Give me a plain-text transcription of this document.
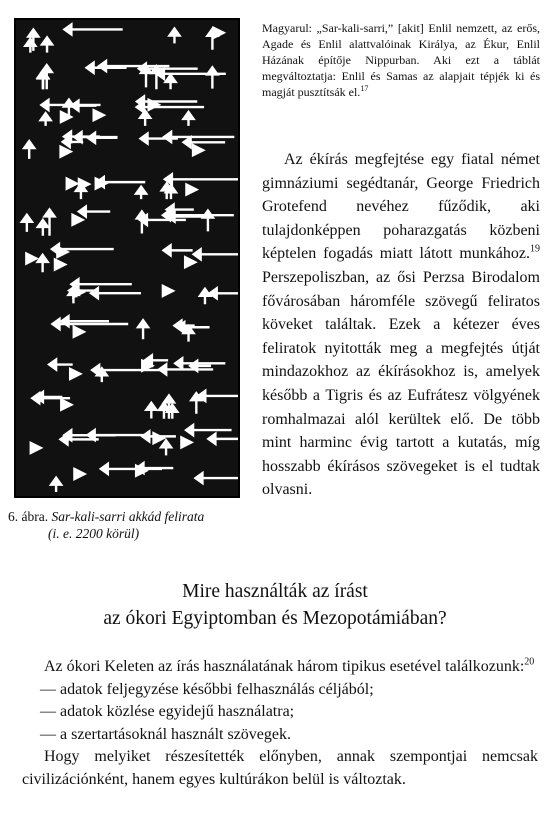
6. ábra. Sar-kali-sarri akkád felirata
(i. e. 2200 körül)
Magyarul: „Sar-kali-sarri,” [akit] Enlil nemzett, az erős, Agade és Enlil alattvalóinak Királya, az Ékur, Enlil Házának építője Nippurban. Aki ezt a táblát megváltoztatja: Enlil és Samas az alapjait tépjék ki és magját pusztítsák el.$^{17}$
Az ékírás megfejtése egy fiatal német gimnáziumi segédtanár, George Friedrich Grotefend nevéhez fűződik, aki tulajdonképpen poharazgatás közbeni képtelen fogadás miatt látott munkához.$^{19}$ Perszepoliszban, az ősi Perzsa Birodalom fővárosában háromféle szövegű feliratos köveket találtak. Ezek a kétezer éves feliratok nyitották meg a megfejtés útját mindazokhoz az ékírásokhoz is, amelyek később a Tigris és az Eufrátesz völgyének romhalmazai alól kerültek elő. De több mint harminc évig tartott a kutatás, míg hosszabb ékírásos szövegeket is el tudtak olvasni.
Mire használták az írást
az ókori Egyiptomban és Mezopotámiában?

Az ókori Keleten az írás használatának három tipikus esetével találkozunk:$^{20}$

— adatok feljegyzése későbbi felhasználás céljából;

— adatok közlése egyidejű használatra;

— a szertartásoknál használt szövegek.

Hogy melyiket részesítették előnyben, annak szempontjai nemcsak civilizációnként, hanem egyes kultúrákon belül is változtak.
